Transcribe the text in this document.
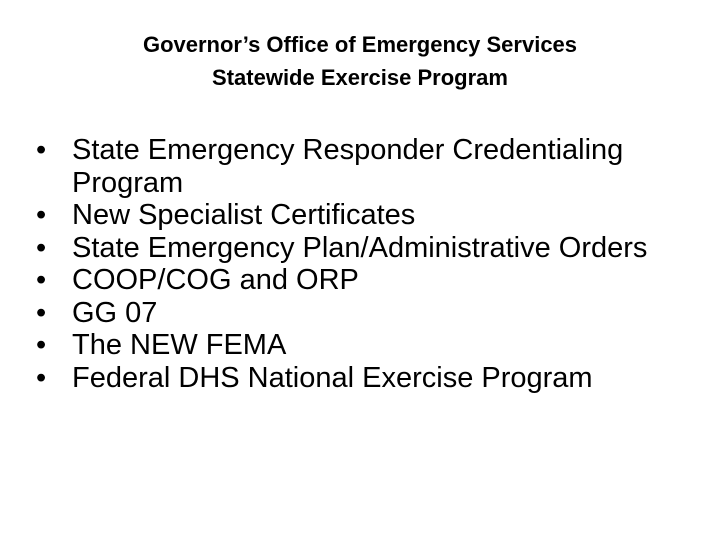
Governor’s Office of Emergency Services
Statewide Exercise Program
• State Emergency Responder Credentialing Program
• New Specialist Certificates
• State Emergency Plan/Administrative Orders
• COOP/COG and ORP
• GG 07
• The NEW FEMA
• Federal DHS National Exercise Program
